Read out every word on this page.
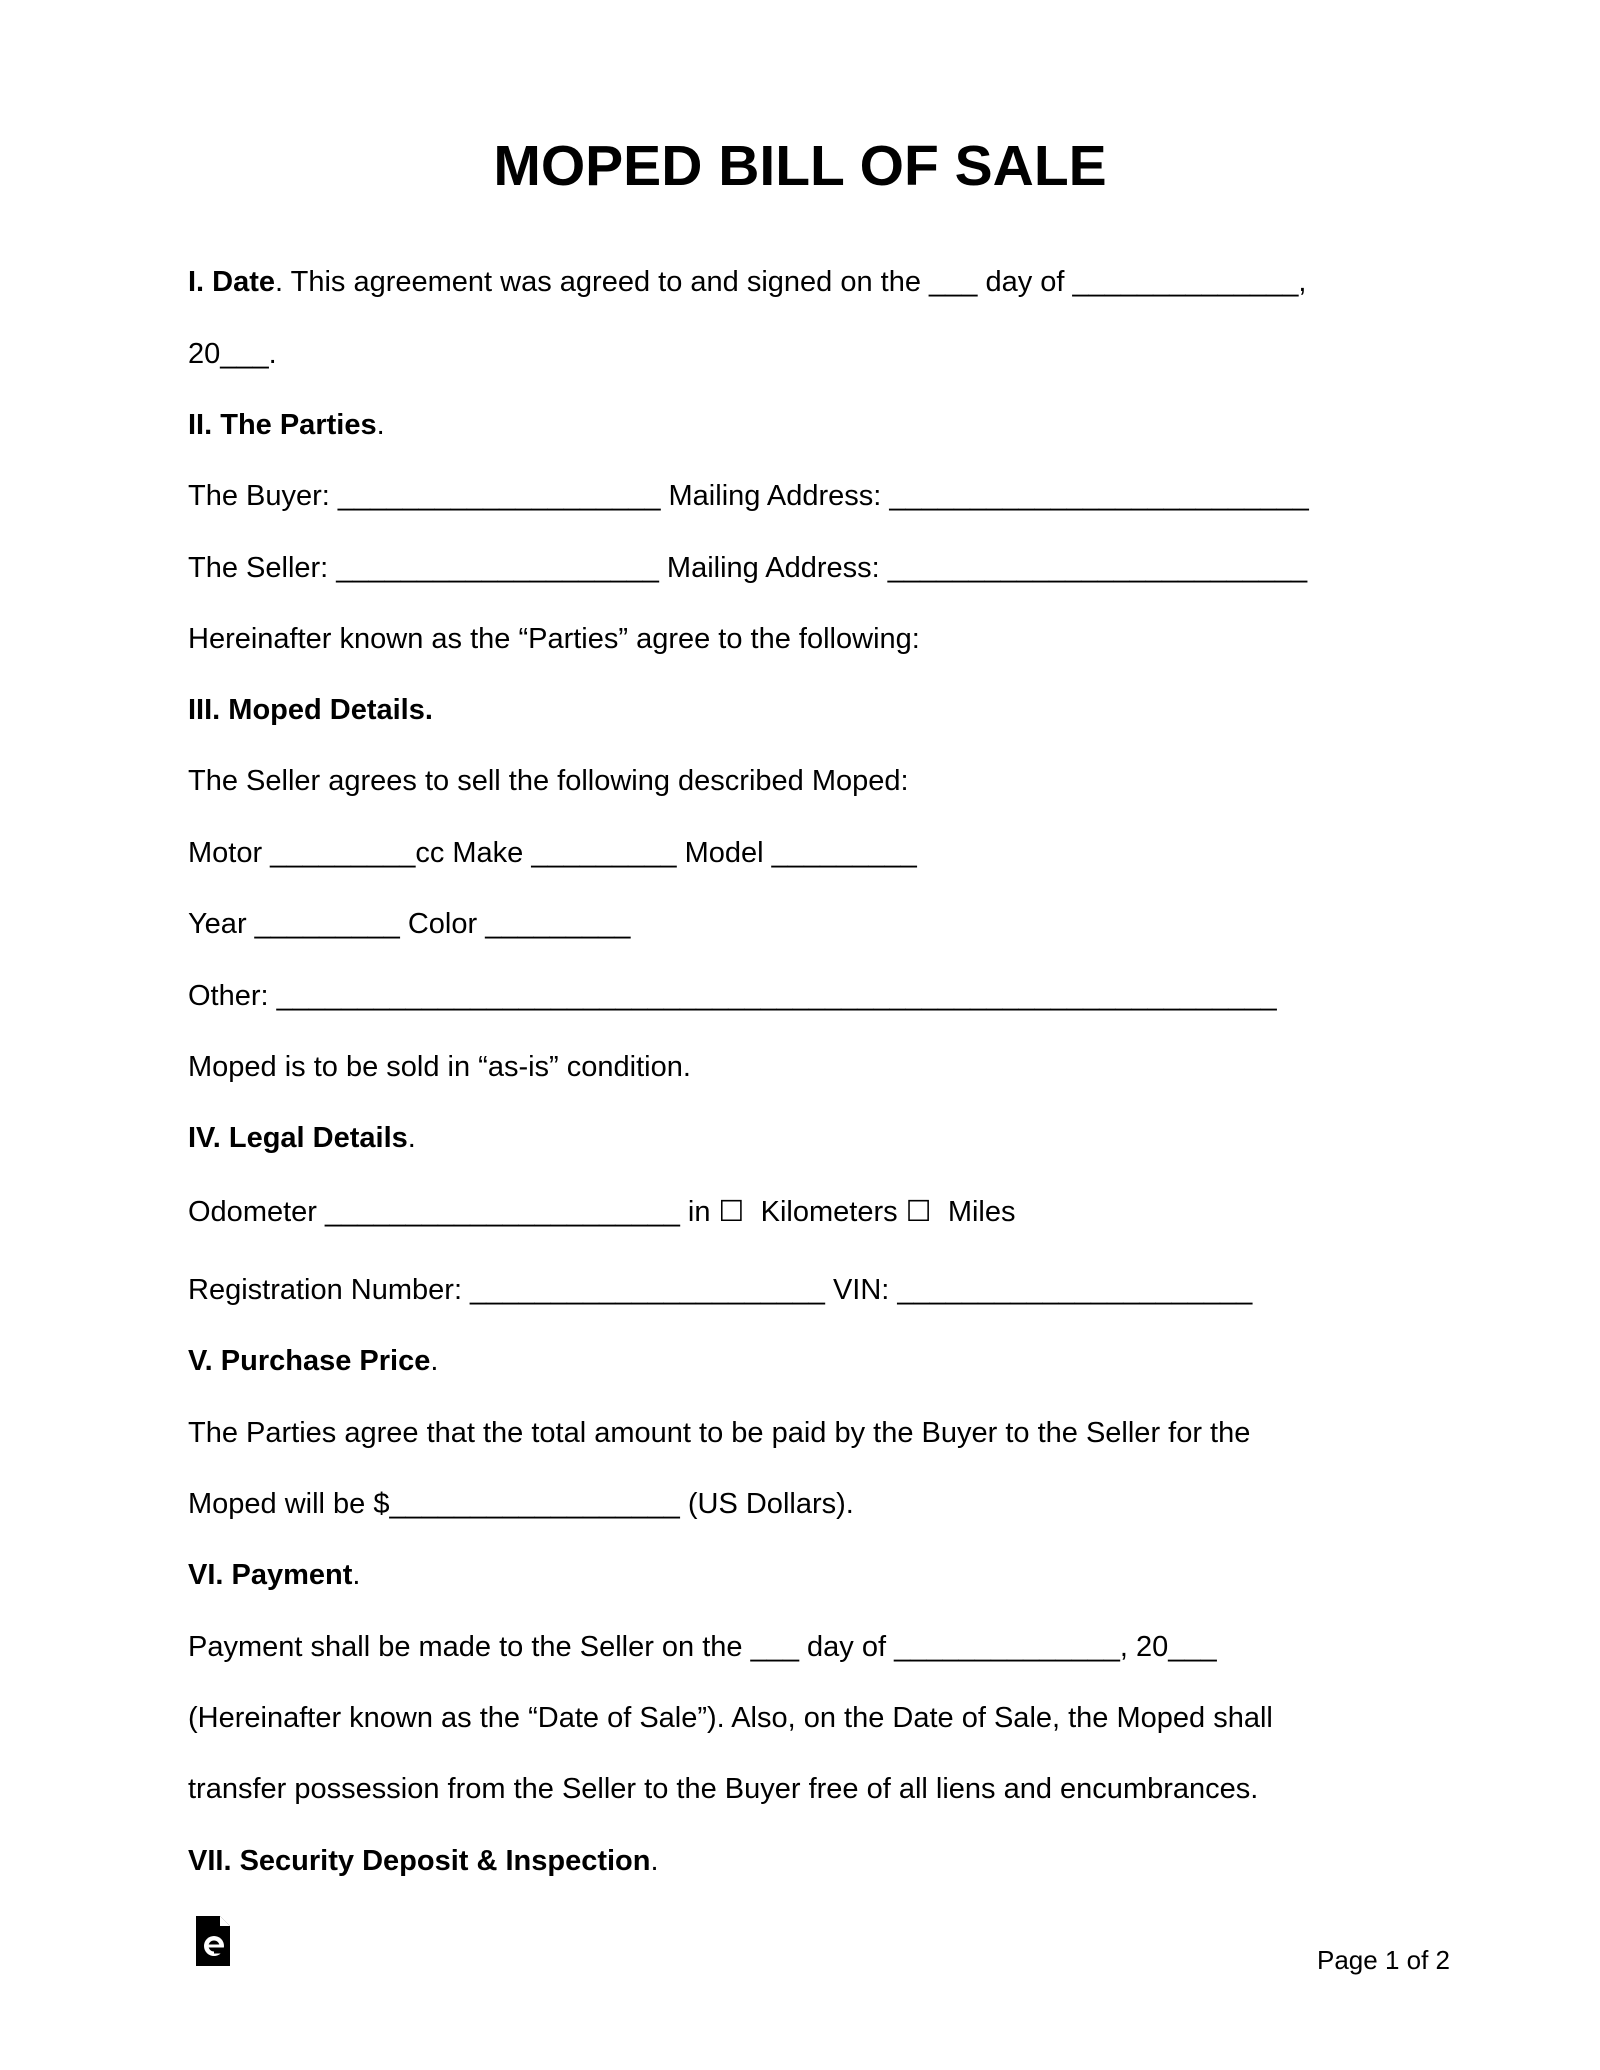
MOPED BILL OF SALE
I. Date. This agreement was agreed to and signed on the ___ day of ______________,
20___.
II. The Parties.
The Buyer: ____________________ Mailing Address: __________________________
The Seller: ____________________ Mailing Address: __________________________
Hereinafter known as the “Parties” agree to the following:
III. Moped Details.
The Seller agrees to sell the following described Moped:
Motor _________cc Make _________ Model _________
Year _________ Color _________
Other: ______________________________________________________________
Moped is to be sold in “as-is” condition.
IV. Legal Details.
Odometer ______________________ in ☐ Kilometers ☐ Miles
Registration Number: ______________________ VIN: ______________________
V. Purchase Price.
The Parties agree that the total amount to be paid by the Buyer to the Seller for the
Moped will be $__________________ (US Dollars).
VI. Payment.
Payment shall be made to the Seller on the ___ day of ______________, 20___
(Hereinafter known as the “Date of Sale”). Also, on the Date of Sale, the Moped shall
transfer possession from the Seller to the Buyer free of all liens and encumbrances.
VII. Security Deposit & Inspection.
Page 1 of 2
